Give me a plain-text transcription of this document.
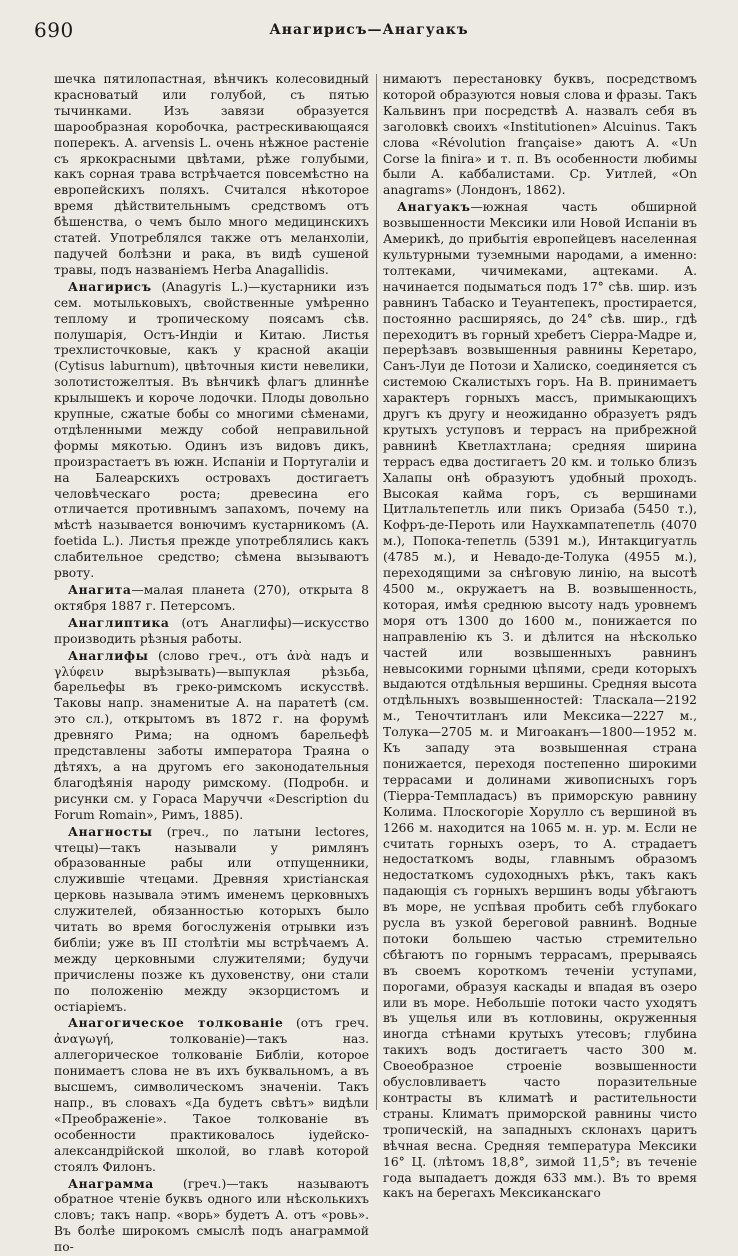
690	Анагирисъ—Анагуакъ

шечка пятилопастная, вѣнчикъ колесовидный красноватый или голубой, съ пятью тычинками. Изъ завязи образуется шарообразная коробочка, растрескивающаяся поперекъ. А. arvensis L. очень нѣжное растеніе съ яркокрасными цвѣтами, рѣже голубыми, какъ сорная трава встрѣчается повсемѣстно на европейскихъ поляхъ. Считался нѣкоторое время дѣйствительнымъ средствомъ отъ бѣшенства, о чемъ было много медицинскихъ статей. Употреблялся также отъ меланхоліи, падучей болѣзни и рака, въ видѣ сушеной травы, подъ названіемъ Herba Anagallidis.

Анагирисъ (Anagyris L.)—кустарники изъ сем. мотыльковыхъ, свойственные умѣренно теплому и тропическому поясамъ сѣв. полушарія, Остъ-Индіи и Китаю. Листья трехлисточковые, какъ у красной акаціи (Cytisus laburnum), цвѣточныя кисти невелики, золотистожелтыя. Въ вѣнчикѣ флагъ длиннѣе крылышекъ и короче лодочки. Плоды довольно крупные, сжатые бобы со многими сѣменами, отдѣленными между собой неправильной формы мякотью. Одинъ изъ видовъ дикъ, произрастаетъ въ южн. Испаніи и Португаліи и на Балеарскихъ островахъ достигаетъ человѣческаго роста; древесина его отличается противнымъ запахомъ, почему на мѣстѣ называется вонючимъ кустарникомъ (A. foetida L.). Листья прежде употреблялись какъ слабительное средство; сѣмена вызываютъ рвоту.

Анагита—малая планета (270), открыта 8 октября 1887 г. Петерсомъ.

Анаглиптика (отъ Анаглифы)—искусство производить рѣзныя работы.

Анаглифы (слово греч., отъ ἀνὰ надъ и γλύφειν вырѣзывать)—выпуклая рѣзьба, барельефы въ греко-римскомъ искусствѣ. Таковы напр. знаменитые А. на паратетѣ (см. это сл.), открытомъ въ 1872 г. на форумѣ древняго Рима; на одномъ барельефѣ представлены заботы императора Траяна о дѣтяхъ, а на другомъ его законодательныя благодѣянія народу римскому. (Подробн. и рисунки см. у Гораса Маруччи «Description du Forum Romain», Римъ, 1885).

Анагносты (греч., по латыни lectores, чтецы)—такъ называли у римлянъ образованные рабы или отпущенники, служившіе чтецами. Древняя христіанская церковь называла этимъ именемъ церковныхъ служителей, обязанностью которыхъ было читать во время богослуженія отрывки изъ библіи; уже въ III столѣтіи мы встрѣчаемъ А. между церковными служителями; будучи причислены позже къ духовенству, они стали по положенію между экзорцистомъ и остіаріемъ.

Анагогическое толкованіе (отъ греч. ἀναγωγή, толкованіе)—такъ наз. аллегорическое толкованіе Библіи, которое понимаетъ слова не въ ихъ буквальномъ, а въ высшемъ, символическомъ значеніи. Такъ напр., въ словахъ «Да будетъ свѣтъ» видѣли «Преображеніе». Такое толкованіе въ особенности практиковалось іудейско-александрійской школой, во главѣ которой стоялъ Филонъ.

Анаграмма (греч.)—такъ называютъ обратное чтеніе буквъ одного или нѣсколькихъ словъ; такъ напр. «ворь» будетъ А. отъ «ровь». Въ болѣе широкомъ смыслѣ подъ анаграммой по-

нимаютъ перестановку буквъ, посредствомъ которой образуются новыя слова и фразы. Такъ Кальвинъ при посредствѣ А. назвалъ себя въ заголовкѣ своихъ «Institutionen» Alcuinus. Такъ слова «Révolution française» даютъ А. «Un Corse la finira» и т. п. Въ особенности любимы были А. каббалистами. Ср. Уитлей, «On anagrams» (Лондонъ, 1862).

Анагуакъ—южная часть обширной возвышенности Мексики или Новой Испаніи въ Америкѣ, до прибытія европейцевъ населенная культурными туземными народами, а именно: толтеками, чичимеками, ацтеками. А. начинается подыматься подъ 17° сѣв. шир. изъ равнинъ Табаско и Теуантепекъ, простирается, постоянно расширяясь, до 24° сѣв. шир., гдѣ переходитъ въ горный хребетъ Сіерра-Мадре и, перерѣзавъ возвышенныя равнины Керетаро, Санъ-Луи де Потози и Халиско, соединяется съ системою Скалистыхъ горъ. На В. принимаетъ характеръ горныхъ массъ, примыкающихъ другъ къ другу и неожиданно образуетъ рядъ крутыхъ уступовъ и террасъ на прибрежной равнинѣ Кветлахтлана; средняя ширина террасъ едва достигаетъ 20 км. и только близъ Халапы онѣ образуютъ удобный проходъ. Высокая кайма горъ, съ вершинами Цитлальтепетль или пикъ Оризаба (5450 т.), Кофръ-де-Пероть или Наухкампатепетль (4070 м.), Попока-тепетль (5391 м.), Интакцигуатль (4785 м.), и Невадо-де-Толука (4955 м.), переходящими за снѣговую линію, на высотѣ 4500 м., окружаетъ на В. возвышенность, которая, имѣя среднюю высоту надъ уровнемъ моря отъ 1300 до 1600 м., понижается по направленію къ З. и дѣлится на нѣсколько частей или возвышенныхъ равнинъ невысокими горными цѣпями, среди которыхъ выдаются отдѣльныя вершины. Средняя высота отдѣльныхъ возвышенностей: Тласкала—2192 м., Теночтитланъ или Мексика—2227 м., Толука—2705 м. и Мигоаканъ—1800—1952 м. Къ западу эта возвышенная страна понижается, переходя постепенно широкими террасами и долинами живописныхъ горъ (Тіерра-Темпладасъ) въ приморскую равнину Колима. Плоскогоріе Хорулло съ вершиной въ 1266 м. находится на 1065 м. н. ур. м. Если не считать горныхъ озеръ, то А. страдаетъ недостаткомъ воды, главнымъ образомъ недостаткомъ судоходныхъ рѣкъ, такъ какъ падающія съ горныхъ вершинъ воды убѣгаютъ въ море, не успѣвая пробить себѣ глубокаго русла въ узкой береговой равнинѣ. Водные потоки большею частью стремительно сбѣгаютъ по горнымъ террасамъ, прерываясь въ своемъ короткомъ теченіи уступами, порогами, образуя каскады и впадая въ озеро или въ море. Небольшіе потоки часто уходятъ въ ущелья или въ котловины, окруженныя иногда стѣнами крутыхъ утесовъ; глубина такихъ водъ достигаетъ часто 300 м. Своеобразное строеніе возвышенности обусловливаетъ часто поразительные контрасты въ климатѣ и растительности страны. Климатъ приморской равнины чисто тропическій, на западныхъ склонахъ царитъ вѣчная весна. Средняя температура Мексики 16° Ц. (лѣтомъ 18,8°, зимой 11,5°; въ теченіе года выпадаетъ дождя 633 мм.). Въ то время какъ на берегахъ Мексиканскаго
